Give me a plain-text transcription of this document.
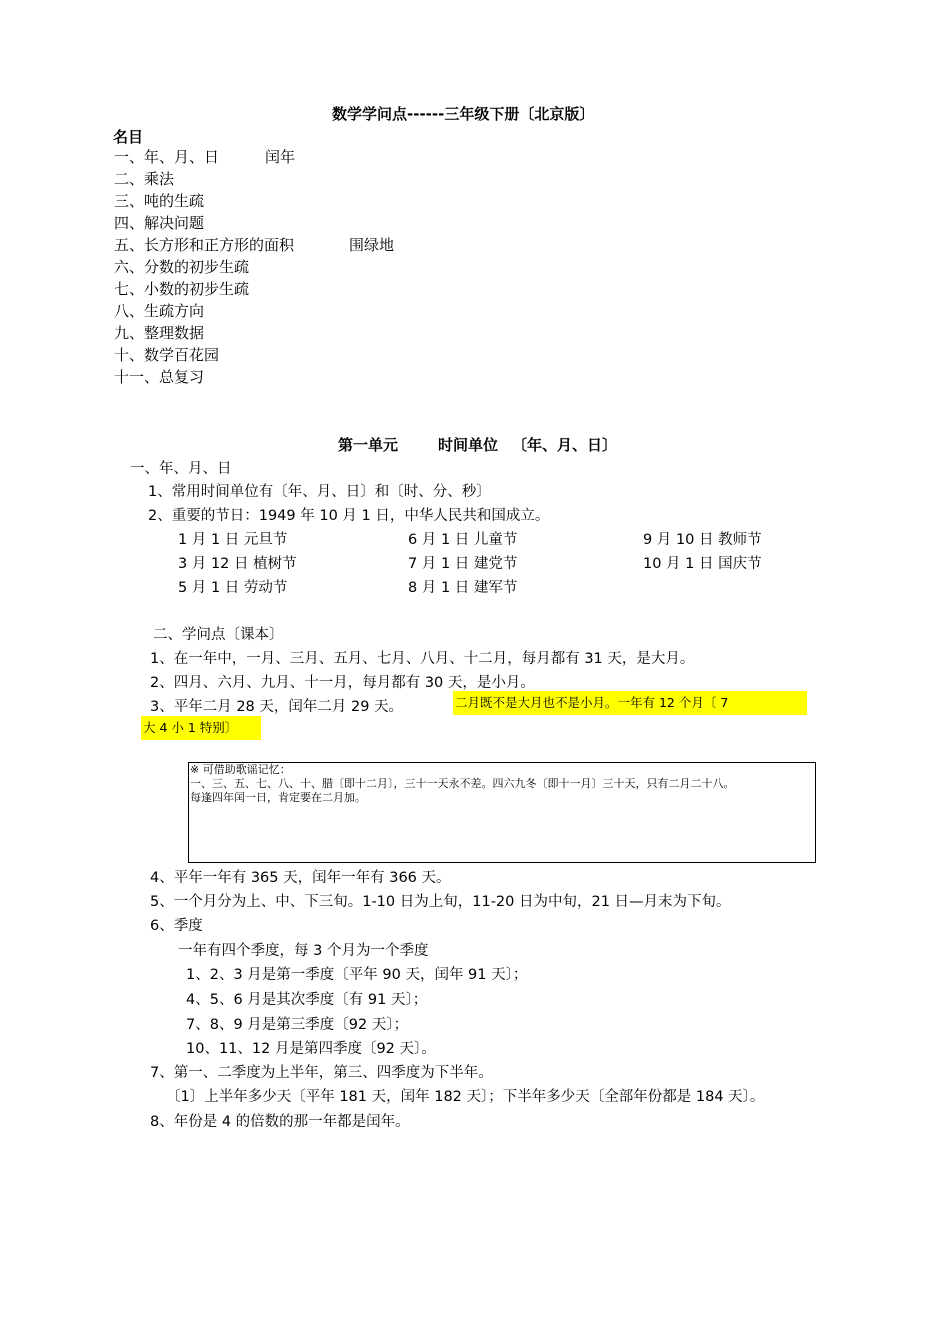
数学学问点------三年级下册〔北京版〕
名目
一、年、月、日	闰年
二、乘法
三、吨的生疏
四、解决问题
五、长方形和正方形的面积	围绿地
六、分数的初步生疏
七、小数的初步生疏
八、生疏方向
九、整理数据
十、数学百花园
十一、总复习
第一单元	时间单位 〔年、月、日〕
一、年、月、日
1、常用时间单位有〔年、月、日〕和〔时、分、秒〕
2、重要的节日：1949 年 10 月 1 日，中华人民共和国成立。
1 月 1 日 元旦节	6 月 1 日 儿童节	9 月 10 日 教师节
3 月 12 日 植树节	7 月 1 日 建党节	10 月 1 日 国庆节
5 月 1 日 劳动节	8 月 1 日 建军节
二、学问点〔课本〕
1、在一年中，一月、三月、五月、七月、八月、十二月，每月都有 31 天，是大月。
2、四月、六月、九月、十一月，每月都有 30 天，是小月。
3、平年二月 28 天，闰年二月 29 天。	二月既不是大月也不是小月。一年有 12 个月〔 7
大 4 小 1 特别〕
※ 可借助歌谣记忆：
一、三、五、七、八、十、腊〔即十二月〕，三十一天永不差。四六九冬〔即十一月〕三十天，只有二月二十八。
每逢四年闰一日，肯定要在二月加。
4、平年一年有 365 天，闰年一年有 366 天。
5、一个月分为上、中、下三旬。1-10 日为上旬，11-20 日为中旬，21 日—月末为下旬。
6、季度
一年有四个季度，每 3 个月为一个季度
1、2、3 月是第一季度〔平年 90 天，闰年 91 天〕；
4、5、6 月是其次季度〔有 91 天〕；
7、8、9 月是第三季度〔92 天〕；
10、11、12 月是第四季度〔92 天〕。
7、第一、二季度为上半年，第三、四季度为下半年。
〔1〕上半年多少天〔平年 181 天，闰年 182 天〕；下半年多少天〔全部年份都是 184 天〕。
8、年份是 4 的倍数的那一年都是闰年。
